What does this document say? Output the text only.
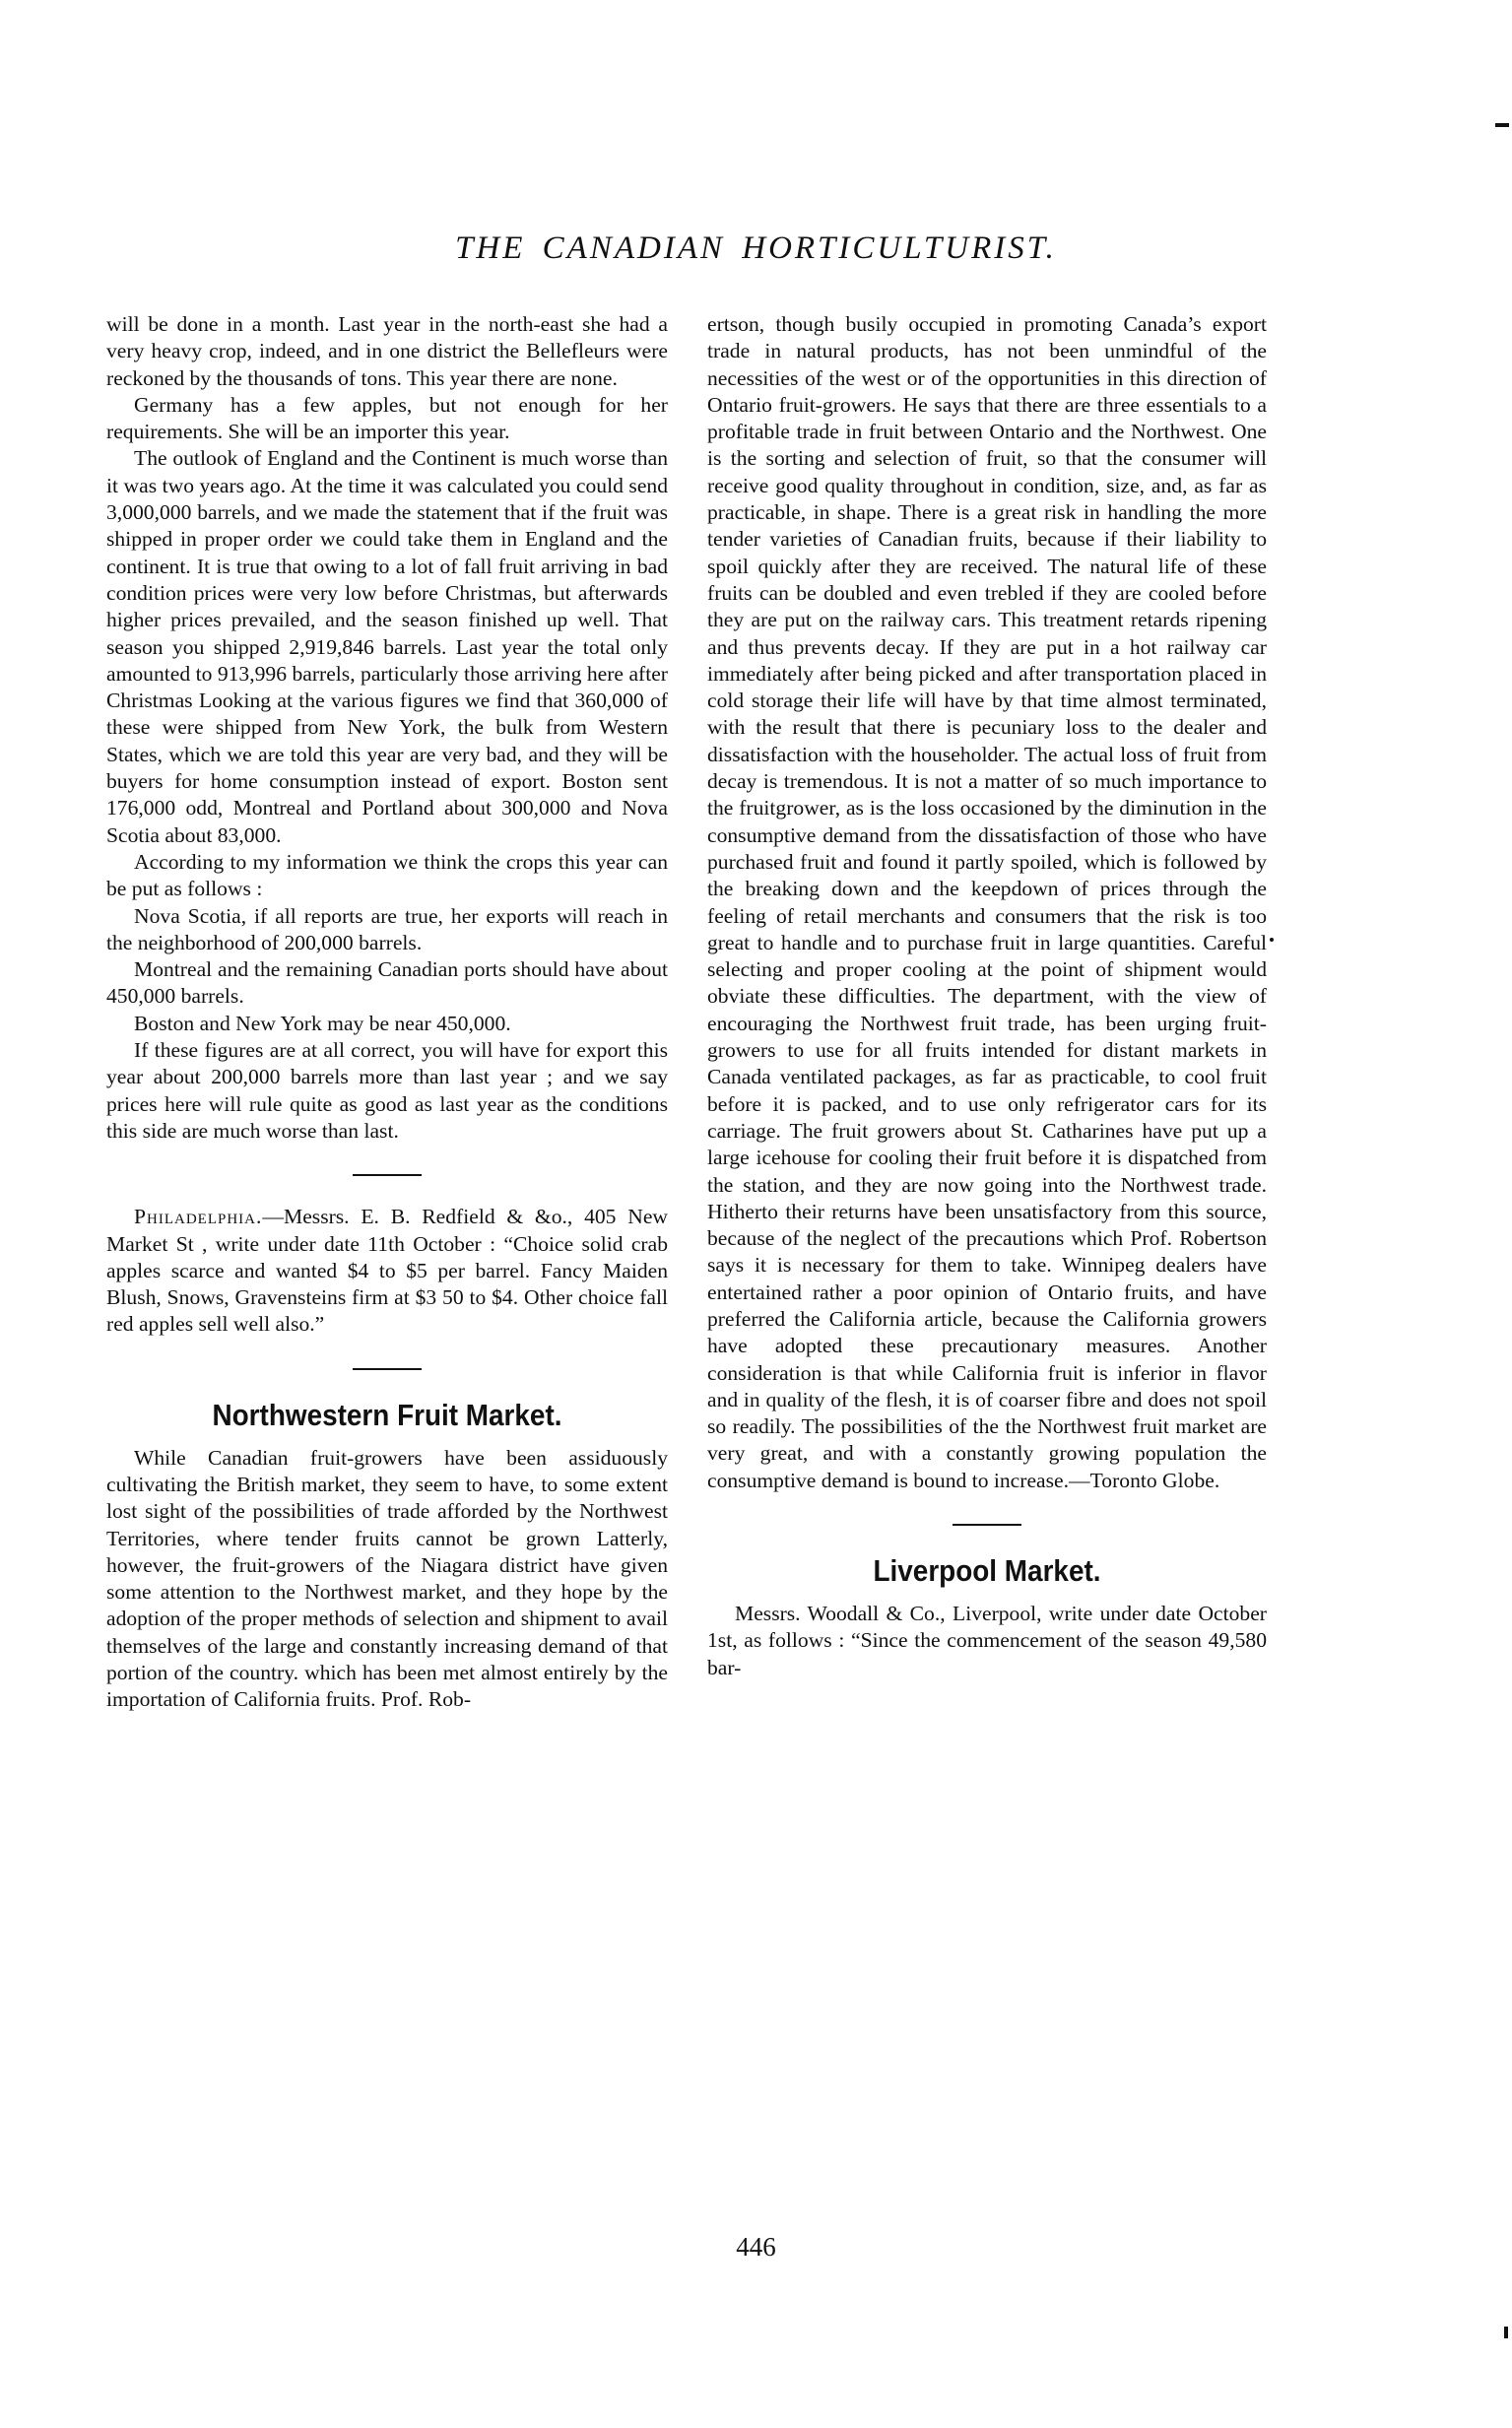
THE CANADIAN HORTICULTURIST.

will be done in a month. Last year in the north-east she had a very heavy crop, indeed, and in one district the Bellefleurs were reckoned by the thousands of tons. This year there are none.

Germany has a few apples, but not enough for her requirements. She will be an importer this year.

The outlook of England and the Continent is much worse than it was two years ago. At the time it was calculated you could send 3,000,000 barrels, and we made the statement that if the fruit was shipped in proper order we could take them in England and the continent. It is true that owing to a lot of fall fruit arriving in bad condition prices were very low before Christmas, but afterwards higher prices prevailed, and the season finished up well. That season you shipped 2,919,846 barrels. Last year the total only amounted to 913,996 barrels, particularly those arriving here after Christmas Looking at the various figures we find that 360,000 of these were shipped from New York, the bulk from Western States, which we are told this year are very bad, and they will be buyers for home consumption instead of export. Boston sent 176,000 odd, Montreal and Portland about 300,000 and Nova Scotia about 83,000.

According to my information we think the crops this year can be put as follows :

Nova Scotia, if all reports are true, her exports will reach in the neighborhood of 200,000 barrels.

Montreal and the remaining Canadian ports should have about 450,000 barrels.

Boston and New York may be near 450,000.

If these figures are at all correct, you will have for export this year about 200,000 barrels more than last year ; and we say prices here will rule quite as good as last year as the conditions this side are much worse than last.

Philadelphia.—Messrs. E. B. Redfield & &o., 405 New Market St , write under date 11th October : “Choice solid crab apples scarce and wanted $4 to $5 per barrel. Fancy Maiden Blush, Snows, Gravensteins firm at $3 50 to $4. Other choice fall red apples sell well also.”

Northwestern Fruit Market.

While Canadian fruit-growers have been assiduously cultivating the British market, they seem to have, to some extent lost sight of the possibilities of trade afforded by the Northwest Territories, where tender fruits cannot be grown Latterly, however, the fruit-growers of the Niagara district have given some attention to the Northwest market, and they hope by the adoption of the proper methods of selection and shipment to avail themselves of the large and constantly increasing demand of that portion of the country. which has been met almost entirely by the importation of California fruits. Prof. Rob-

ertson, though busily occupied in promoting Canada’s export trade in natural products, has not been unmindful of the necessities of the west or of the opportunities in this direction of Ontario fruit-growers. He says that there are three essentials to a profitable trade in fruit between Ontario and the Northwest. One is the sorting and selection of fruit, so that the consumer will receive good quality throughout in condition, size, and, as far as practicable, in shape. There is a great risk in handling the more tender varieties of Canadian fruits, because if their liability to spoil quickly after they are received. The natural life of these fruits can be doubled and even trebled if they are cooled before they are put on the railway cars. This treatment retards ripening and thus prevents decay. If they are put in a hot railway car immediately after being picked and after transportation placed in cold storage their life will have by that time almost terminated, with the result that there is pecuniary loss to the dealer and dissatisfaction with the householder. The actual loss of fruit from decay is tremendous. It is not a matter of so much importance to the fruitgrower, as is the loss occasioned by the diminution in the consumptive demand from the dissatisfaction of those who have purchased fruit and found it partly spoiled, which is followed by the breaking down and the keepdown of prices through the feeling of retail merchants and consumers that the risk is too great to handle and to purchase fruit in large quantities. Careful selecting and proper cooling at the point of shipment would obviate these difficulties. The department, with the view of encouraging the Northwest fruit trade, has been urging fruit-growers to use for all fruits intended for distant markets in Canada ventilated packages, as far as practicable, to cool fruit before it is packed, and to use only refrigerator cars for its carriage. The fruit growers about St. Catharines have put up a large icehouse for cooling their fruit before it is dispatched from the station, and they are now going into the Northwest trade. Hitherto their returns have been unsatisfactory from this source, because of the neglect of the precautions which Prof. Robertson says it is necessary for them to take. Winnipeg dealers have entertained rather a poor opinion of Ontario fruits, and have preferred the California article, because the California growers have adopted these precautionary measures. Another consideration is that while California fruit is inferior in flavor and in quality of the flesh, it is of coarser fibre and does not spoil so readily. The possibilities of the the Northwest fruit market are very great, and with a constantly growing population the consumptive demand is bound to increase.—Toronto Globe.

Liverpool Market.

Messrs. Woodall & Co., Liverpool, write under date October 1st, as follows : “Since the commencement of the season 49,580 bar-

446
